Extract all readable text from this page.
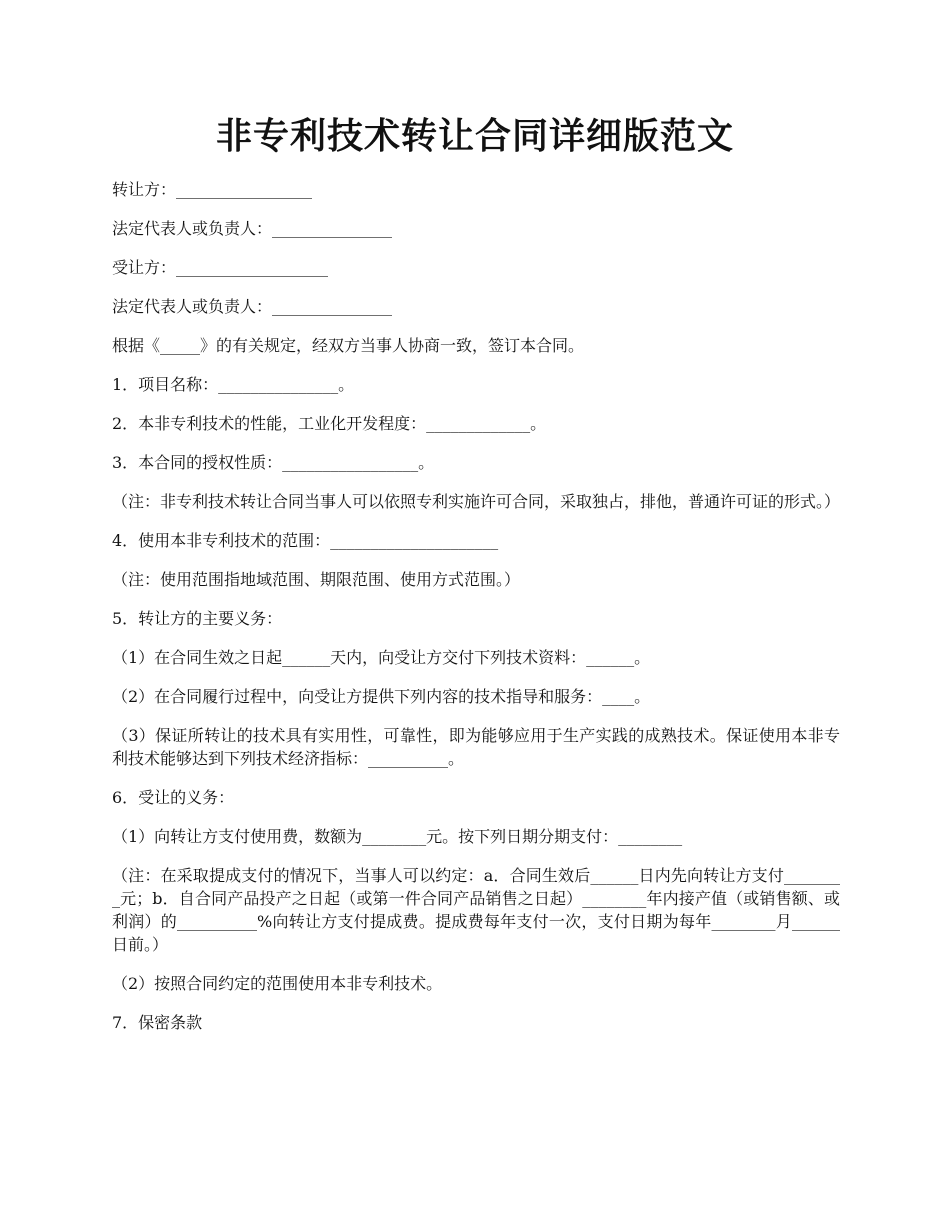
非专利技术转让合同详细版范文

转让方：_________________

法定代表人或负责人：_______________

受让方：___________________

法定代表人或负责人：_______________

根据《_____》的有关规定，经双方当事人协商一致，签订本合同。

1．项目名称：_______________。

2．本非专利技术的性能，工业化开发程度：_____________。

3．本合同的授权性质：_________________。

（注：非专利技术转让合同当事人可以依照专利实施许可合同，采取独占，排他，普通许可证的形式。）

4．使用本非专利技术的范围：_____________________

（注：使用范围指地域范围、期限范围、使用方式范围。）

5．转让方的主要义务：

（1）在合同生效之日起______天内，向受让方交付下列技术资料：______。

（2）在合同履行过程中，向受让方提供下列内容的技术指导和服务：____。

（3）保证所转让的技术具有实用性，可靠性，即为能够应用于生产实践的成熟技术。保证使用本非专利技术能够达到下列技术经济指标：__________。

6．受让的义务：

（1）向转让方支付使用费，数额为________元。按下列日期分期支付：________

（注：在采取提成支付的情况下，当事人可以约定：a．合同生效后______日内先向转让方支付________元；b．自合同产品投产之日起（或第一件合同产品销售之日起）________年内接产值（或销售额、或利润）的__________%向转让方支付提成费。提成费每年支付一次，支付日期为每年________月______日前。）

（2）按照合同约定的范围使用本非专利技术。

7．保密条款
